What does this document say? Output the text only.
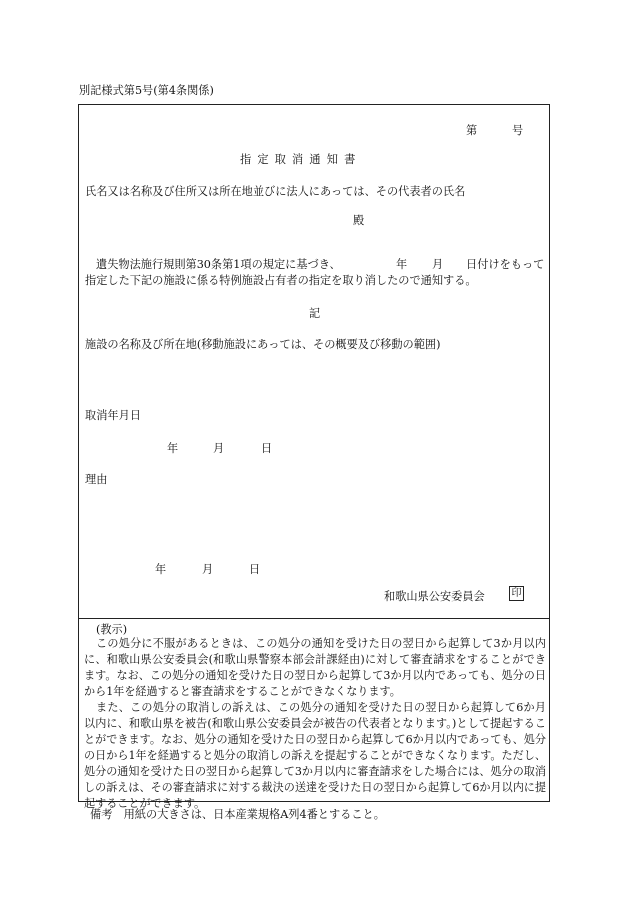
別記様式第5号(第4条関係)
第	号
指定取消通知書
氏名又は名称及び住所又は所在地並びに法人にあっては、その代表者の氏名
殿
遺失物法施行規則第30条第1項の規定に基づき、	年 月 日付けをもって
指定した下記の施設に係る特例施設占有者の指定を取り消したので通知する。
記
施設の名称及び所在地(移動施設にあっては、その概要及び移動の範囲)
取消年月日
年	月	日
理由
年	月	日
和歌山県公安委員会	印
(教示)
この処分に不服があるときは、この処分の通知を受けた日の翌日から起算して3か月以内に、和歌山県公安委員会(和歌山県警察本部会計課経由)に対して審査請求をすることができます。なお、この処分の通知を受けた日の翌日から起算して3か月以内であっても、処分の日から1年を経過すると審査請求をすることができなくなります。
また、この処分の取消しの訴えは、この処分の通知を受けた日の翌日から起算して6か月以内に、和歌山県を被告(和歌山県公安委員会が被告の代表者となります。)として提起することができます。なお、処分の通知を受けた日の翌日から起算して6か月以内であっても、処分の日から1年を経過すると処分の取消しの訴えを提起することができなくなります。ただし、処分の通知を受けた日の翌日から起算して3か月以内に審査請求をした場合には、処分の取消しの訴えは、その審査請求に対する裁決の送達を受けた日の翌日から起算して6か月以内に提起することができます。
備考　用紙の大きさは、日本産業規格A列4番とすること。
